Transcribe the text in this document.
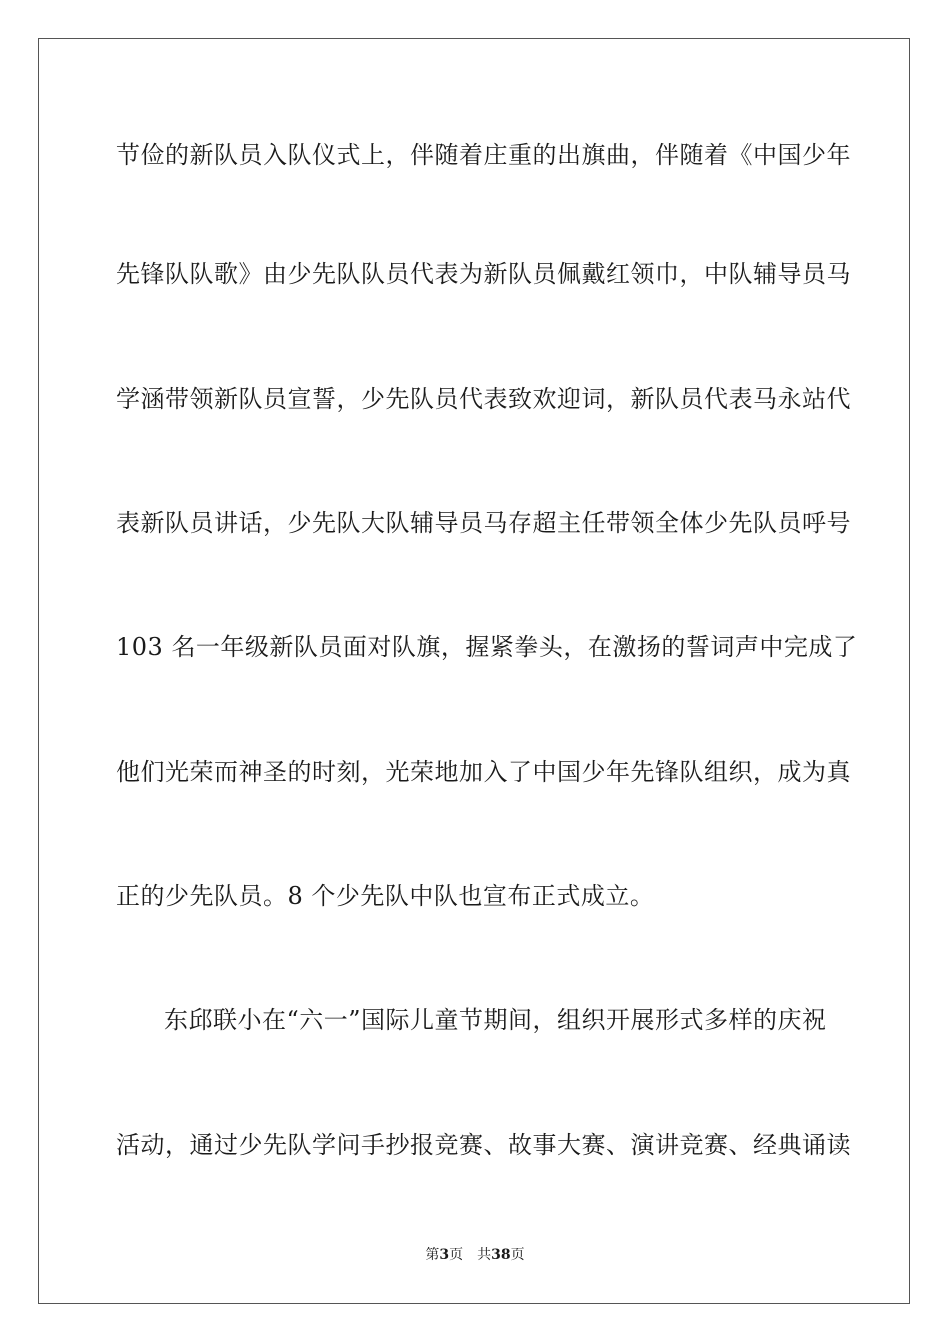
节俭的新队员入队仪式上，伴随着庄重的出旗曲，伴随着《中国少年
先锋队队歌》由少先队队员代表为新队员佩戴红领巾，中队辅导员马
学涵带领新队员宣誓，少先队员代表致欢迎词，新队员代表马永站代
表新队员讲话，少先队大队辅导员马存超主任带领全体少先队员呼号
103 名一年级新队员面对队旗，握紧拳头，在激扬的誓词声中完成了
他们光荣而神圣的时刻，光荣地加入了中国少年先锋队组织，成为真
正的少先队员。8 个少先队中队也宣布正式成立。
东邱联小在“六一”国际儿童节期间，组织开展形式多样的庆祝
活动，通过少先队学问手抄报竞赛、故事大赛、演讲竞赛、经典诵读
第3页 共38页
